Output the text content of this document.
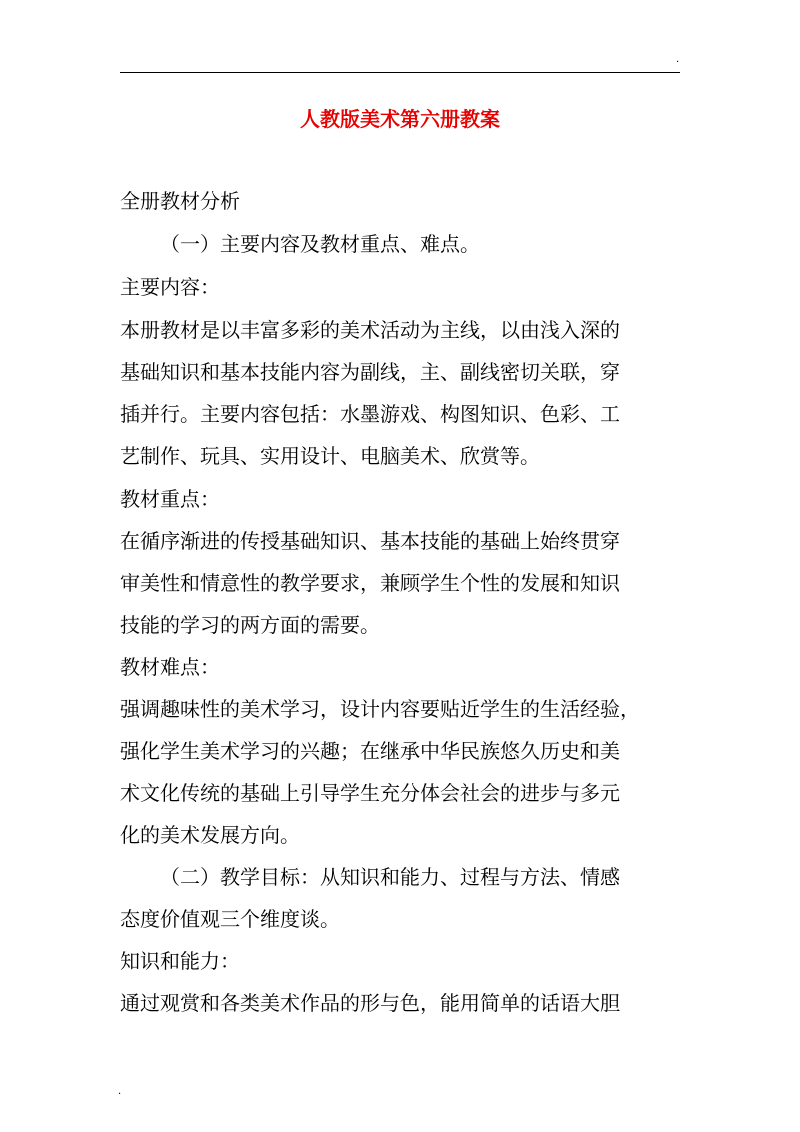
·
人教版美术第六册教案

全册教材分析

（一）主要内容及教材重点、难点。

主要内容：

本册教材是以丰富多彩的美术活动为主线，以由浅入深的

基础知识和基本技能内容为副线，主、副线密切关联，穿

插并行。主要内容包括：水墨游戏、构图知识、色彩、工

艺制作、玩具、实用设计、电脑美术、欣赏等。

教材重点：

在循序渐进的传授基础知识、基本技能的基础上始终贯穿

审美性和情意性的教学要求，兼顾学生个性的发展和知识

技能的学习的两方面的需要。

教材难点：

强调趣味性的美术学习，设计内容要贴近学生的生活经验，

强化学生美术学习的兴趣；在继承中华民族悠久历史和美

术文化传统的基础上引导学生充分体会社会的进步与多元

化的美术发展方向。

（二）教学目标：从知识和能力、过程与方法、情感

态度价值观三个维度谈。

知识和能力：

通过观赏和各类美术作品的形与色，能用简单的话语大胆

·
